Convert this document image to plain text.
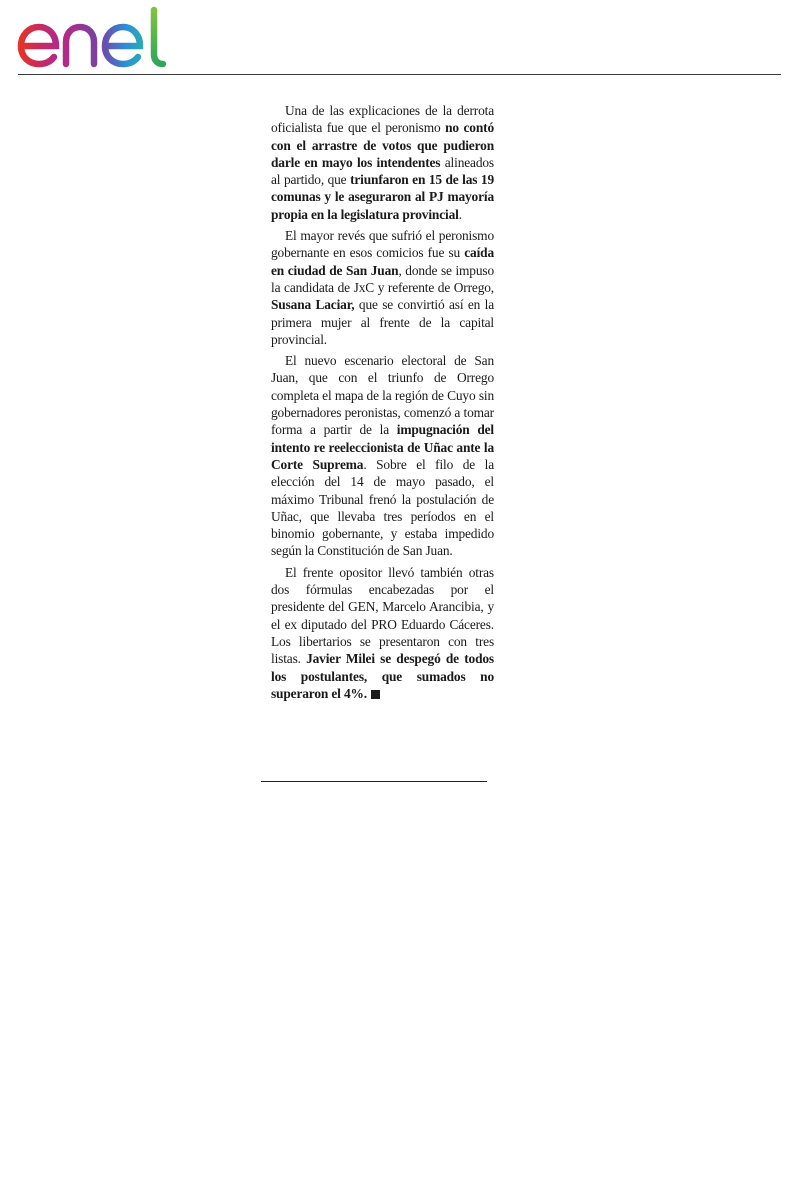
Una de las explicaciones de la derrota oficialista fue que el peronismo no contó con el arrastre de votos que pudieron darle en mayo los intendentes alineados al partido, que triunfaron en 15 de las 19 comunas y le aseguraron al PJ mayoría propia en la legislatura provincial.

El mayor revés que sufrió el peronismo gobernante en esos comicios fue su caída en ciudad de San Juan, donde se impuso la candidata de JxC y referente de Orrego, Susana Laciar, que se convirtió así en la primera mujer al frente de la capital provincial.

El nuevo escenario electoral de San Juan, que con el triunfo de Orrego completa el mapa de la región de Cuyo sin gobernadores peronistas, comenzó a tomar forma a partir de la impugnación del intento re reeleccionista de Uñac ante la Corte Suprema. Sobre el filo de la elección del 14 de mayo pasado, el máximo Tribunal frenó la postulación de Uñac, que llevaba tres períodos en el binomio gobernante, y estaba impedido según la Constitución de San Juan.

El frente opositor llevó también otras dos fórmulas encabezadas por el presidente del GEN, Marcelo Arancibia, y el ex diputado del PRO Eduardo Cáceres. Los libertarios se presentaron con tres listas. Javier Milei se despegó de todos los postulantes, que sumados no superaron el 4%.
